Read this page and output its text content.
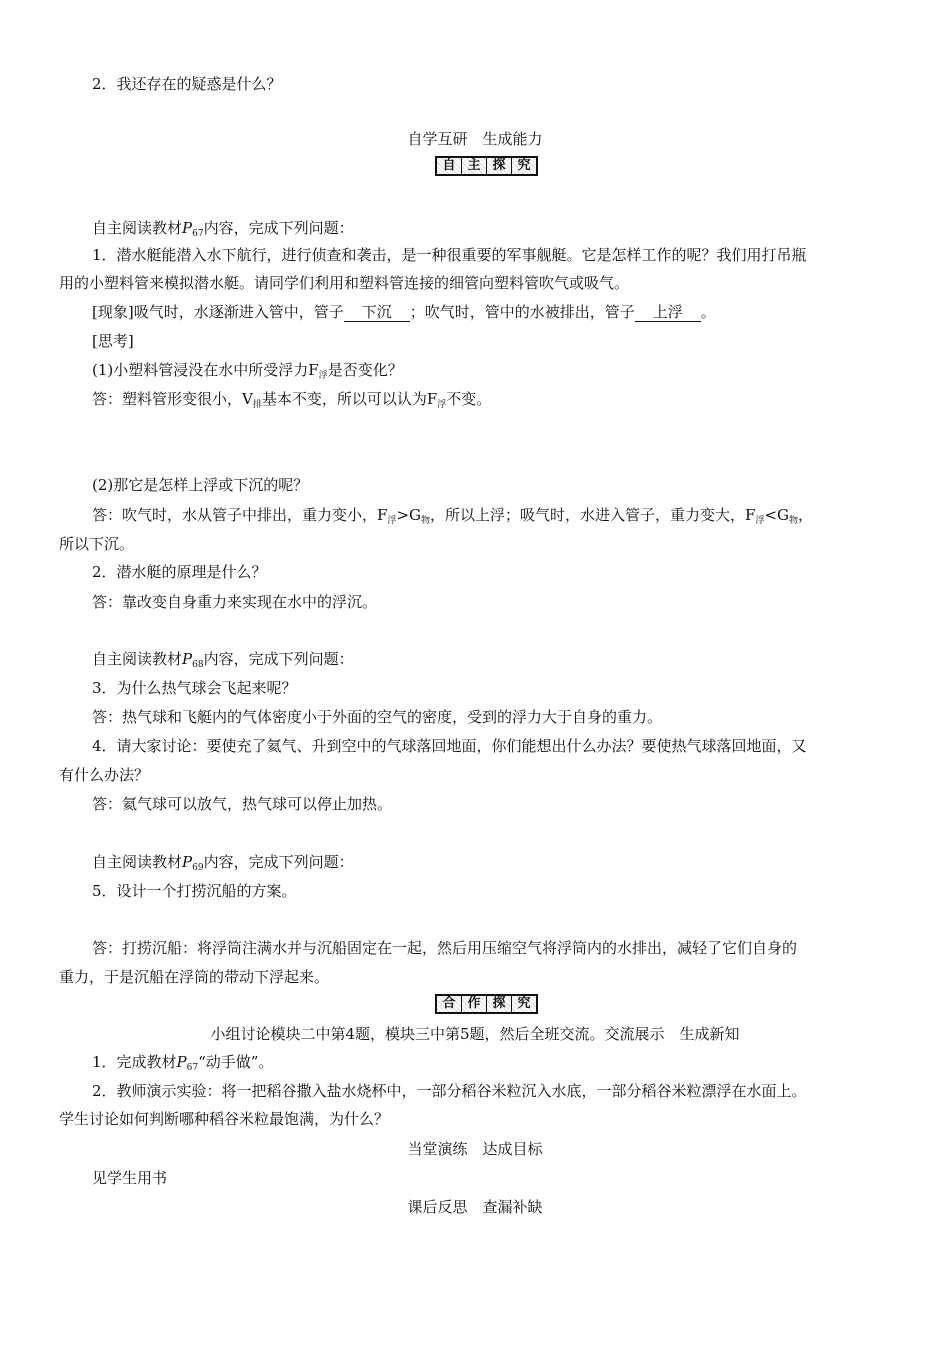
2．我还存在的疑惑是什么？
自学互研　生成能力
自 主 探 究
自主阅读教材$P_{67}$内容，完成下列问题：
1．潜水艇能潜入水下航行，进行侦查和袭击，是一种很重要的军事舰艇。它是怎样工作的呢？我们用打吊瓶
用的小塑料管来模拟潜水艇。请同学们利用和塑料管连接的细管向塑料管吹气或吸气。
[现象]吸气时，水逐渐进入管中，管子 下沉 ；吹气时，管中的水被排出，管子 上浮 。
[思考]
(1)小塑料管浸没在水中所受浮力$F_浮$是否变化？
答：塑料管形变很小，$V_排$基本不变，所以可以认为$F_浮$不变。
(2)那它是怎样上浮或下沉的呢？
答：吹气时，水从管子中排出，重力变小，$F_浮>G_物$，所以上浮；吸气时，水进入管子，重力变大，$F_浮<G_物$，
所以下沉。
2．潜水艇的原理是什么？
答：靠改变自身重力来实现在水中的浮沉。
自主阅读教材$P_{68}$内容，完成下列问题：
3．为什么热气球会飞起来呢？
答：热气球和飞艇内的气体密度小于外面的空气的密度，受到的浮力大于自身的重力。
4．请大家讨论：要使充了氦气、升到空中的气球落回地面，你们能想出什么办法？要使热气球落回地面，又
有什么办法？
答：氦气球可以放气，热气球可以停止加热。
自主阅读教材$P_{69}$内容，完成下列问题：
5．设计一个打捞沉船的方案。
答：打捞沉船：将浮筒注满水并与沉船固定在一起，然后用压缩空气将浮筒内的水排出，减轻了它们自身的
重力，于是沉船在浮筒的带动下浮起来。
合 作 探 究
小组讨论模块二中第4题，模块三中第5题，然后全班交流。交流展示　生成新知
1．完成教材$P_{67}“$动手做”。
2．教师演示实验：将一把稻谷撒入盐水烧杯中，一部分稻谷米粒沉入水底，一部分稻谷米粒漂浮在水面上。
学生讨论如何判断哪种稻谷米粒最饱满，为什么？
当堂演练　达成目标
见学生用书
课后反思　查漏补缺
